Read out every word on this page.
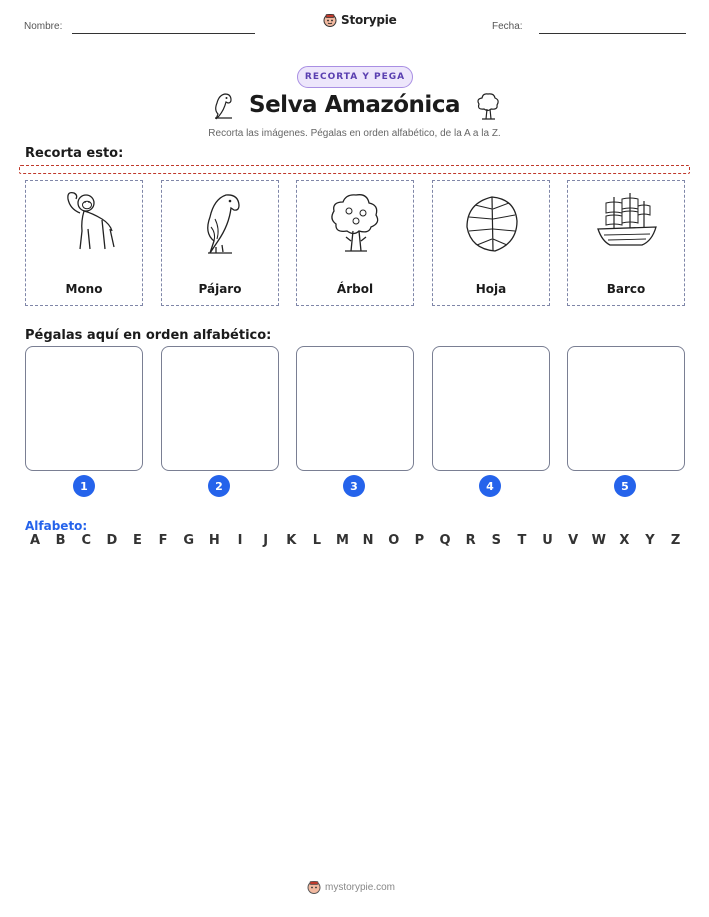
Nombre:	Storypie	Fecha:
RECORTA Y PEGA
Selva Amazónica
Recorta las imágenes. Pégalas en orden alfabético, de la A a la Z.
Recorta esto:
Mono	Pájaro	Árbol	Hoja	Barco
Pégalas aquí en orden alfabético:
1	2	3	4	5
Alfabeto:
A B C D E F G H	I	J	K L M N O P Q R S T U V W X Y Z
mystorypie.com
